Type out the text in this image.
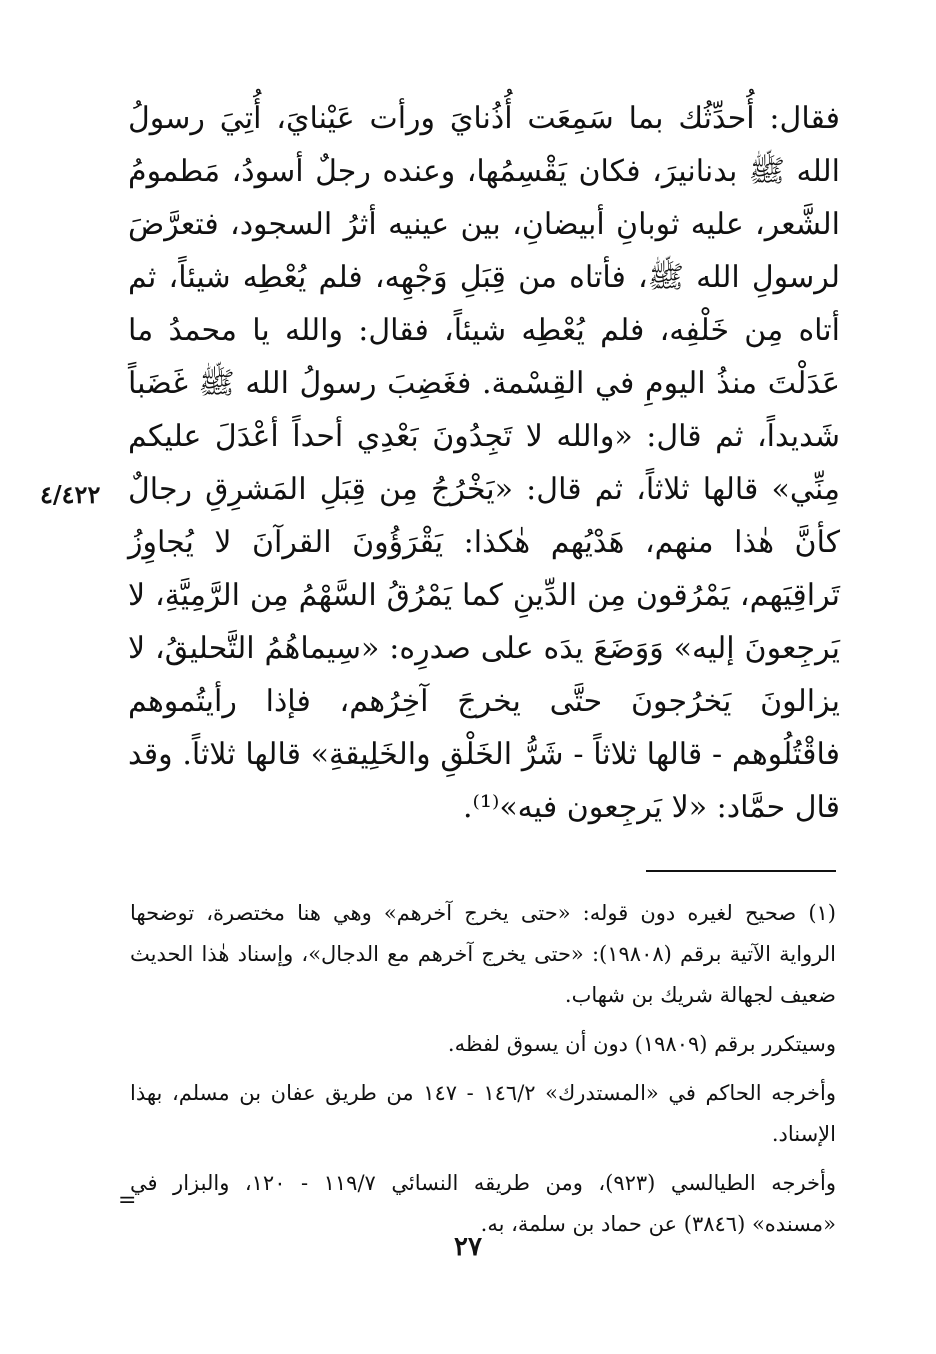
فقال: أُحدِّثُك بما سَمِعَت أُذُنايَ ورأت عَيْنايَ، أُتِيَ رسولُ الله ﷺ بدنانيرَ، فكان يَقْسِمُها، وعنده رجلٌ أسودُ، مَطمومُ الشَّعر، عليه ثوبانِ أبيضانِ، بين عينيه أثرُ السجود، فتعرَّضَ لرسولِ الله ﷺ، فأتاه من قِبَلِ وَجْهِه، فلم يُعْطِه شيئاً، ثم أتاه مِن خَلْفِه، فلم يُعْطِه شيئاً، فقال: والله يا محمدُ ما عَدَلْتَ منذُ اليومِ في القِسْمة. فغَضِبَ رسولُ الله ﷺ غَضَباً شَديداً، ثم قال: «والله لا تَجِدُونَ بَعْدِي أحداً أعْدَلَ عليكم مِنِّي» قالها ثلاثاً، ثم قال: «يَخْرُجُ مِن قِبَلِ المَشرِقِ رجالٌ كأنَّ هٰذا منهم، هَدْيُهم هٰكذا: يَقْرَؤُونَ القرآنَ لا يُجاوِزُ تَراقِيَهم، يَمْرُقون مِن الدِّينِ كما يَمْرُقُ السَّهْمُ مِن الرَّمِيَّةِ، لا يَرجِعونَ إليه» وَوَضَعَ يدَه على صدرِه: «سِيماهُمُ التَّحليقُ، لا يزالونَ يَخرُجونَ حتَّى يخرجَ آخِرُهم، فإذا رأيتُموهم فاقْتُلُوهم - قالها ثلاثاً - شَرُّ الخَلْقِ والخَلِيقةِ» قالها ثلاثاً. وقد قال حمَّاد: «لا يَرجِعون فيه»⁽¹⁾.

٤/٤٢٢

(١) صحيح لغيره دون قوله: «حتى يخرج آخرهم» وهي هنا مختصرة، توضحها الرواية الآتية برقم (١٩٨٠٨): «حتى يخرج آخرهم مع الدجال»، وإسناد هٰذا الحديث ضعيف لجهالة شريك بن شهاب.

وسيتكرر برقم (١٩٨٠٩) دون أن يسوق لفظه.

وأخرجه الحاكم في «المستدرك» ١٤٦/٢ - ١٤٧ من طريق عفان بن مسلم، بهذا الإسناد.

وأخرجه الطيالسي (٩٢٣)، ومن طريقه النسائي ١١٩/٧ - ١٢٠، والبزار في «مسنده» (٣٨٤٦) عن حماد بن سلمة، به.

=
٢٧
